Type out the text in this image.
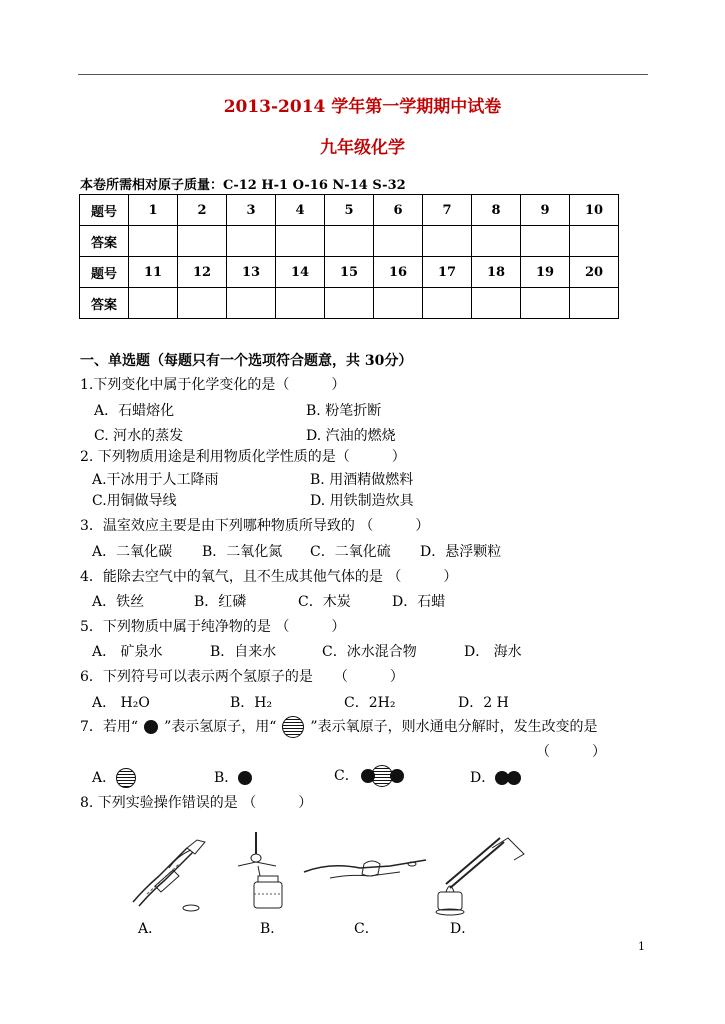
2013-2014 学年第一学期期中试卷
九年级化学
本卷所需相对原子质量：C-12 H-1 O-16 N-14 S-32
题号	1	2	3	4	5	6	7	8	9	10
答案										
题号	11	12	13	14	15	16	17	18	19	20
答案										
一、单选题（每题只有一个选项符合题意，共 30分）
1.下列变化中属于化学变化的是（　　　）
A．石蜡熔化	B. 粉笔折断
C. 河水的蒸发	D. 汽油的燃烧
2. 下列物质用途是利用物质化学性质的是（　　　）
A.干冰用于人工降雨	B. 用酒精做燃料
C.用铜做导线	D. 用铁制造炊具
3．温室效应主要是由下列哪种物质所导致的 （　　　）
A．二氧化碳 B．二氧化氮 C．二氧化硫 D．悬浮颗粒
4．能除去空气中的氧气，且不生成其他气体的是 （　　　）
A．铁丝	B．红磷	C．木炭	D．石蜡
5．下列物质中属于纯净物的是 （　　　）
A． 矿泉水	B．自来水	C．冰水混合物	D． 海水
6．下列符号可以表示两个氢原子的是　　（　　　）
A． H₂O	B．H₂	C．2H₂	D．2 H
7．若用“ ”表示氢原子，用“ ”表示氧原子，则水通电分解时，发生改变的是
（　　　）
A．	B．	C．	D．
8. 下列实验操作错误的是 （　　　）
A．	B．	C．	D．
1
